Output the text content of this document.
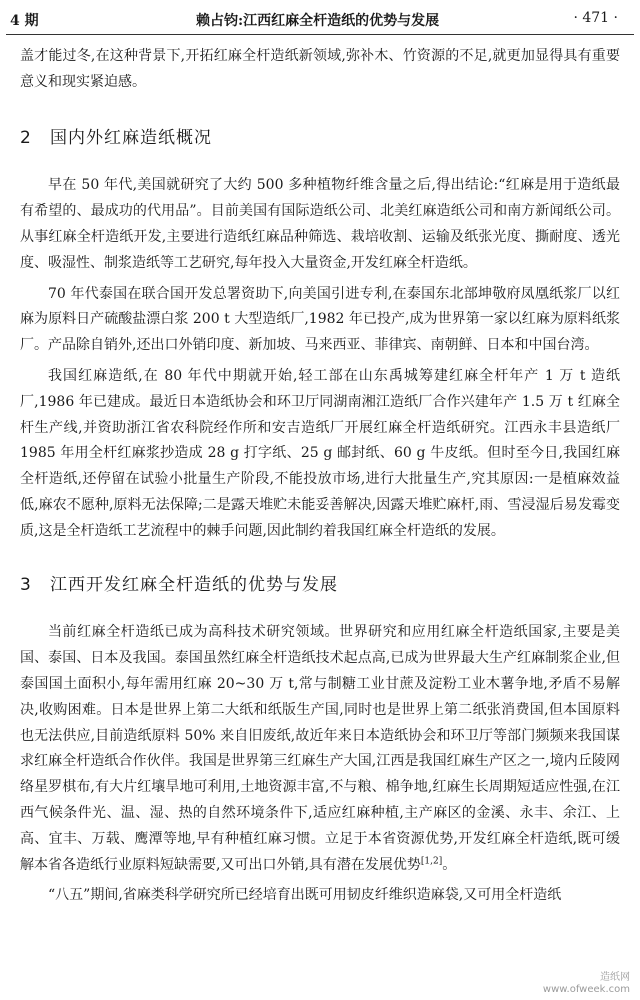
4 期	赖占钧:江西红麻全杆造纸的优势与发展	· 471 ·

盖才能过冬,在这种背景下,开拓红麻全杆造纸新领域,弥补木、竹资源的不足,就更加显得具有重要意义和现实紧迫感。

2 国内外红麻造纸概况

早在 50 年代,美国就研究了大约 500 多种植物纤维含量之后,得出结论:“红麻是用于造纸最有希望的、最成功的代用品”。目前美国有国际造纸公司、北美红麻造纸公司和南方新闻纸公司。从事红麻全杆造纸开发,主要进行造纸红麻品种筛选、栽培收割、运输及纸张光度、撕耐度、透光度、吸湿性、制浆造纸等工艺研究,每年投入大量资金,开发红麻全杆造纸。

70 年代泰国在联合国开发总署资助下,向美国引进专利,在泰国东北部坤敬府凤凰纸浆厂以红麻为原料日产硫酸盐漂白浆 200 t 大型造纸厂,1982 年已投产,成为世界第一家以红麻为原料纸浆厂。产品除自销外,还出口外销印度、新加坡、马来西亚、菲律宾、南朝鲜、日本和中国台湾。

我国红麻造纸,在 80 年代中期就开始,轻工部在山东禹城筹建红麻全杆年产 1 万 t 造纸厂,1986 年已建成。最近日本造纸协会和环卫厅同湖南湘江造纸厂合作兴建年产 1.5 万 t 红麻全杆生产线,并资助浙江省农科院经作所和安吉造纸厂开展红麻全杆造纸研究。江西永丰县造纸厂 1985 年用全杆红麻浆抄造成 28 g 打字纸、25 g 邮封纸、60 g 牛皮纸。但时至今日,我国红麻全杆造纸,还停留在试验小批量生产阶段,不能投放市场,进行大批量生产,究其原因:一是植麻效益低,麻农不愿种,原料无法保障;二是露天堆贮未能妥善解决,因露天堆贮麻杆,雨、雪浸湿后易发霉变质,这是全杆造纸工艺流程中的棘手问题,因此制约着我国红麻全杆造纸的发展。

3 江西开发红麻全杆造纸的优势与发展

当前红麻全杆造纸已成为高科技术研究领域。世界研究和应用红麻全杆造纸国家,主要是美国、泰国、日本及我国。泰国虽然红麻全杆造纸技术起点高,已成为世界最大生产红麻制浆企业,但泰国国土面积小,每年需用红麻 20~30 万 t,常与制糖工业甘蔗及淀粉工业木薯争地,矛盾不易解决,收购困难。日本是世界上第二大纸和纸版生产国,同时也是世界上第二纸张消费国,但本国原料也无法供应,目前造纸原料 50% 来自旧废纸,故近年来日本造纸协会和环卫厅等部门频频来我国谋求红麻全杆造纸合作伙伴。我国是世界第三红麻生产大国,江西是我国红麻生产区之一,境内丘陵网络星罗棋布,有大片红壤旱地可利用,土地资源丰富,不与粮、棉争地,红麻生长周期短适应性强,在江西气候条件光、温、湿、热的自然环境条件下,适应红麻种植,主产麻区的金溪、永丰、余江、上高、宜丰、万载、鹰潭等地,早有种植红麻习惯。立足于本省资源优势,开发红麻全杆造纸,既可缓解本省各造纸行业原料短缺需要,又可出口外销,具有潜在发展优势[1,2]。

“八五”期间,省麻类科学研究所已经培育出既可用韧皮纤维织造麻袋,又可用全杆造纸

造纸网
www.ofweek.com
